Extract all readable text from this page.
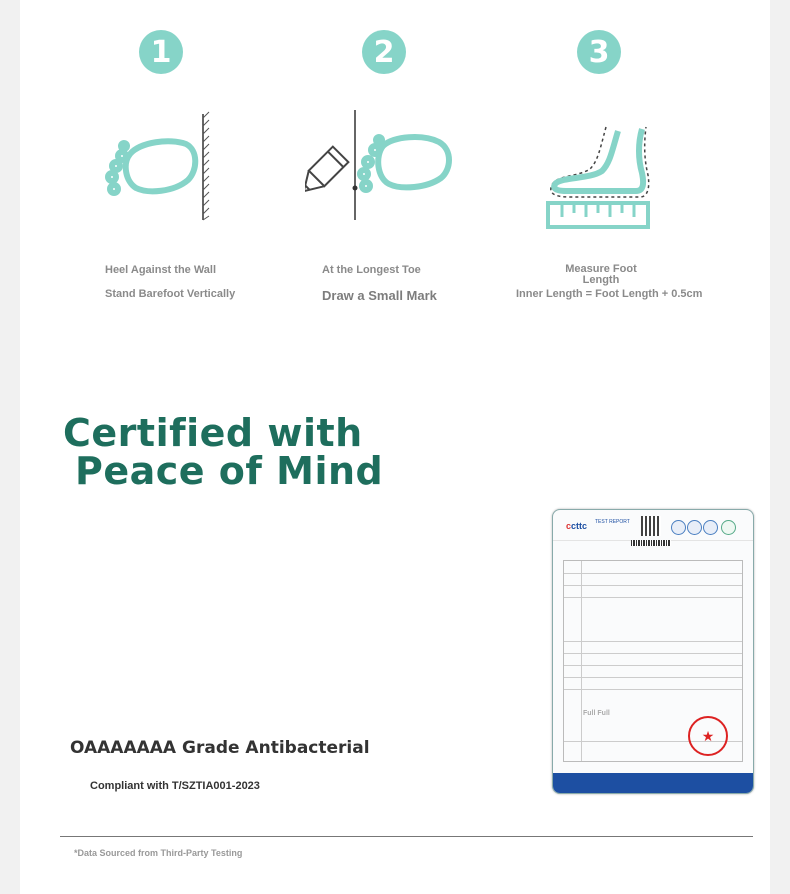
1	2	3
Heel Against the Wall
Stand Barefoot Vertically
At the Longest Toe
Draw a Small Mark
Measure Foot Length
Inner Length = Foot Length + 0.5cm
Certified with
Peace of Mind
OAAAAAAA Grade Antibacterial
Compliant with T/SZTIA001-2023
ccttc TEST REPORT
Full Full
★
*Data Sourced from Third-Party Testing
